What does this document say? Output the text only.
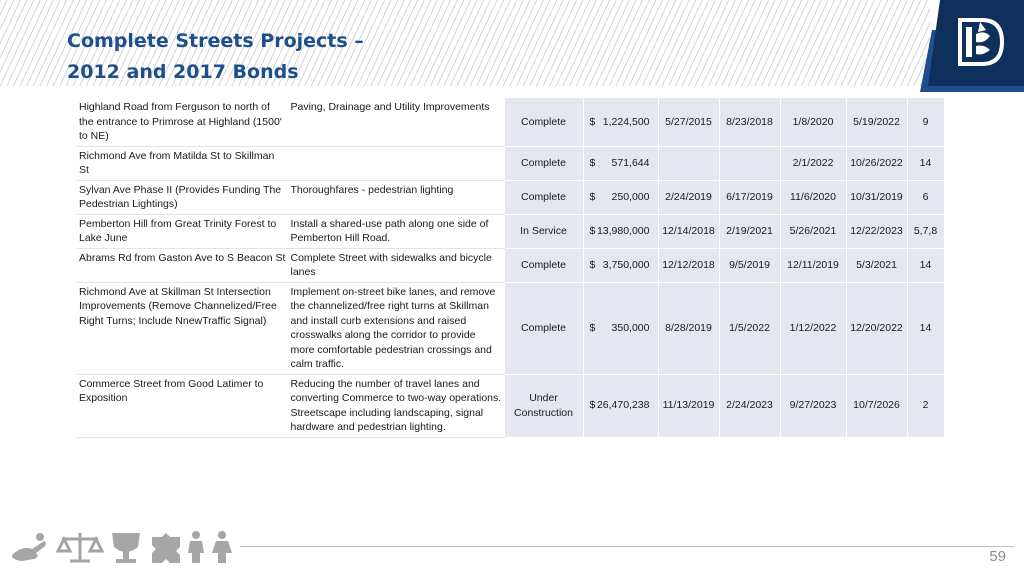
Complete Streets Projects –
2012 and 2017 Bonds
Highland Road from Ferguson to north of the entrance to Primrose at Highland (1500' to NE)	Paving, Drainage and Utility Improvements	Complete	$ 1,224,500	5/27/2015	8/23/2018	1/8/2020	5/19/2022	9
Richmond Ave from Matilda St to Skillman St		Complete	$ 571,644			2/1/2022	10/26/2022	14
Sylvan Ave Phase II (Provides Funding The Pedestrian Lightings)	Thoroughfares - pedestrian lighting	Complete	$ 250,000	2/24/2019	6/17/2019	11/6/2020	10/31/2019	6
Pemberton Hill from Great Trinity Forest to Lake June	Install a shared-use path along one side of Pemberton Hill Road.	In Service	$ 13,980,000	12/14/2018	2/19/2021	5/26/2021	12/22/2023	5,7,8
Abrams Rd from Gaston Ave to S Beacon St	Complete Street with sidewalks and bicycle lanes	Complete	$ 3,750,000	12/12/2018	9/5/2019	12/11/2019	5/3/2021	14
Richmond Ave at Skillman St Intersection Improvements (Remove Channelized/Free Right Turns; Include NnewTraffic Signal)	Implement on-street bike lanes, and remove the channelized/free right turns at Skillman and install curb extensions and raised crosswalks along the corridor to provide more comfortable pedestrian crossings and calm traffic.	Complete	$ 350,000	8/28/2019	1/5/2022	1/12/2022	12/20/2022	14
Commerce Street from Good Latimer to Exposition	Reducing the number of travel lanes and converting Commerce to two-way operations. Streetscape including landscaping, signal hardware and pedestrian lighting.	Under Construction	$ 26,470,238	11/13/2019	2/24/2023	9/27/2023	10/7/2026	2
59
